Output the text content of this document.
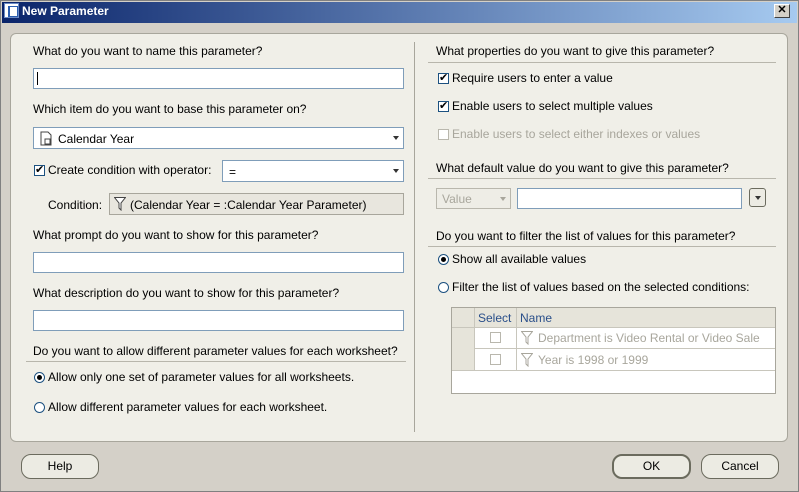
New Parameter	✕
What do you want to name this parameter?
Which item do you want to base this parameter on?
Calendar Year
✔
Create condition with operator: =
Condition: (Calendar Year = :Calendar Year Parameter)
What prompt do you want to show for this parameter?
What description do you want to show for this parameter?
Do you want to allow different parameter values for each worksheet?
Allow only one set of parameter values for all worksheets.
Allow different parameter values for each worksheet.
What properties do you want to give this parameter?
✔
Require users to enter a value
✔
Enable users to select multiple values
Enable users to select either indexes or values
What default value do you want to give this parameter?
Value
Do you want to filter the list of values for this parameter?
Show all available values
Filter the list of values based on the selected conditions:
Select Name
Department is Video Rental or Video Sale
Year is 1998 or 1999
Help	OK	Cancel
